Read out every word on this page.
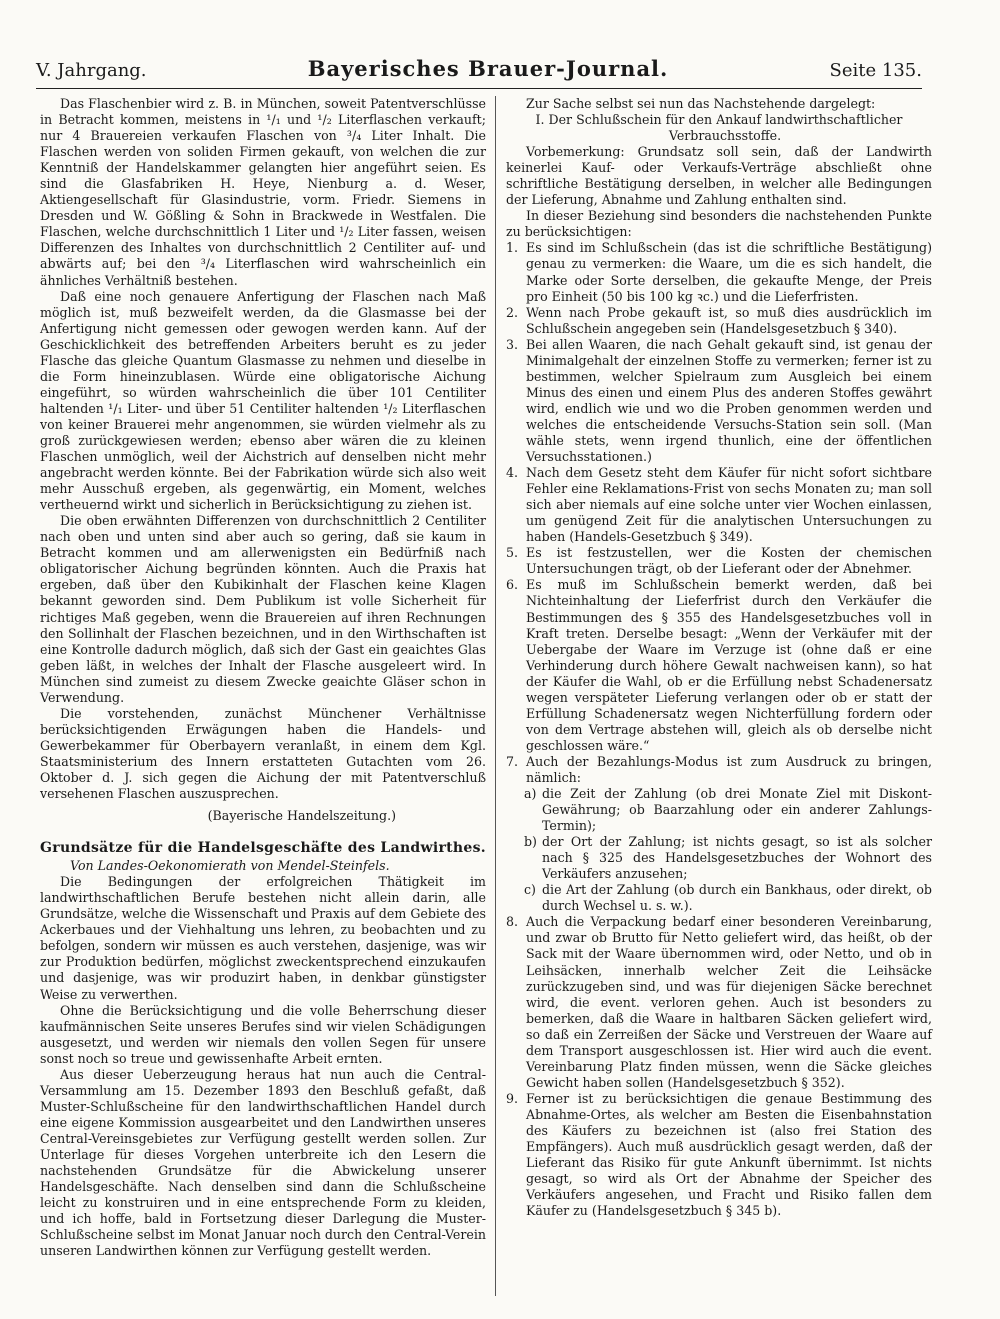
V. Jahrgang.	Bayerisches Brauer-Journal.	Seite 135.

Das Flaschenbier wird z. B. in München, soweit Patentverschlüsse in Betracht kommen, meistens in ¹/₁ und ¹/₂ Literflaschen verkauft; nur 4 Brauereien verkaufen Flaschen von ³/₄ Liter Inhalt. Die Flaschen werden von soliden Firmen gekauft, von welchen die zur Kenntniß der Handelskammer gelangten hier angeführt seien. Es sind die Glasfabriken H. Heye, Nienburg a. d. Weser, Aktiengesellschaft für Glasindustrie, vorm. Friedr. Siemens in Dresden und W. Gößling & Sohn in Brackwede in Westfalen. Die Flaschen, welche durchschnittlich 1 Liter und ¹/₂ Liter fassen, weisen Differenzen des Inhaltes von durchschnittlich 2 Centiliter auf- und abwärts auf; bei den ³/₄ Literflaschen wird wahrscheinlich ein ähnliches Verhältniß bestehen.

Daß eine noch genauere Anfertigung der Flaschen nach Maß möglich ist, muß bezweifelt werden, da die Glasmasse bei der Anfertigung nicht gemessen oder gewogen werden kann. Auf der Geschicklichkeit des betreffenden Arbeiters beruht es zu jeder Flasche das gleiche Quantum Glasmasse zu nehmen und dieselbe in die Form hineinzublasen. Würde eine obligatorische Aichung eingeführt, so würden wahrscheinlich die über 101 Centiliter haltenden ¹/₁ Liter- und über 51 Centiliter haltenden ¹/₂ Literflaschen von keiner Brauerei mehr angenommen, sie würden vielmehr als zu groß zurückgewiesen werden; ebenso aber wären die zu kleinen Flaschen unmöglich, weil der Aichstrich auf denselben nicht mehr angebracht werden könnte. Bei der Fabrikation würde sich also weit mehr Ausschuß ergeben, als gegenwärtig, ein Moment, welches vertheuernd wirkt und sicherlich in Berücksichtigung zu ziehen ist.

Die oben erwähnten Differenzen von durchschnittlich 2 Centiliter nach oben und unten sind aber auch so gering, daß sie kaum in Betracht kommen und am allerwenigsten ein Bedürfniß nach obligatorischer Aichung begründen könnten. Auch die Praxis hat ergeben, daß über den Kubikinhalt der Flaschen keine Klagen bekannt geworden sind. Dem Publikum ist volle Sicherheit für richtiges Maß gegeben, wenn die Brauereien auf ihren Rechnungen den Sollinhalt der Flaschen bezeichnen, und in den Wirthschaften ist eine Kontrolle dadurch möglich, daß sich der Gast ein geaichtes Glas geben läßt, in welches der Inhalt der Flasche ausgeleert wird. In München sind zumeist zu diesem Zwecke geaichte Gläser schon in Verwendung.

Die vorstehenden, zunächst Münchener Verhältnisse berücksichtigenden Erwägungen haben die Handels- und Gewerbekammer für Oberbayern veranlaßt, in einem dem Kgl. Staatsministerium des Innern erstatteten Gutachten vom 26. Oktober d. J. sich gegen die Aichung der mit Patentverschluß versehenen Flaschen auszusprechen.

(Bayerische Handelszeitung.)

Grundsätze für die Handelsgeschäfte des Landwirthes.

Von Landes-Oekonomierath von Mendel-Steinfels.

Die Bedingungen der erfolgreichen Thätigkeit im landwirthschaftlichen Berufe bestehen nicht allein darin, alle Grundsätze, welche die Wissenschaft und Praxis auf dem Gebiete des Ackerbaues und der Viehhaltung uns lehren, zu beobachten und zu befolgen, sondern wir müssen es auch verstehen, dasjenige, was wir zur Produktion bedürfen, möglichst zweckentsprechend einzukaufen und dasjenige, was wir produzirt haben, in denkbar günstigster Weise zu verwerthen.

Ohne die Berücksichtigung und die volle Beherrschung dieser kaufmännischen Seite unseres Berufes sind wir vielen Schädigungen ausgesetzt, und werden wir niemals den vollen Segen für unsere sonst noch so treue und gewissenhafte Arbeit ernten.

Aus dieser Ueberzeugung heraus hat nun auch die Central-Versammlung am 15. Dezember 1893 den Beschluß gefaßt, daß Muster-Schlußscheine für den landwirthschaftlichen Handel durch eine eigene Kommission ausgearbeitet und den Landwirthen unseres Central-Vereinsgebietes zur Verfügung gestellt werden sollen. Zur Unterlage für dieses Vorgehen unterbreite ich den Lesern die nachstehenden Grundsätze für die Abwickelung unserer Handelsgeschäfte. Nach denselben sind dann die Schlußscheine leicht zu konstruiren und in eine entsprechende Form zu kleiden, und ich hoffe, bald in Fortsetzung dieser Darlegung die Muster-Schlußscheine selbst im Monat Januar noch durch den Central-Verein unseren Landwirthen können zur Verfügung gestellt werden.

Zur Sache selbst sei nun das Nachstehende dargelegt:

I. Der Schlußschein für den Ankauf landwirthschaftlicher Verbrauchsstoffe.

Vorbemerkung: Grundsatz soll sein, daß der Landwirth keinerlei Kauf- oder Verkaufs-Verträge abschließt ohne schriftliche Bestätigung derselben, in welcher alle Bedingungen der Lieferung, Abnahme und Zahlung enthalten sind.

In dieser Beziehung sind besonders die nachstehenden Punkte zu berücksichtigen:

1. Es sind im Schlußschein (das ist die schriftliche Bestätigung) genau zu vermerken: die Waare, um die es sich handelt, die Marke oder Sorte derselben, die gekaufte Menge, der Preis pro Einheit (50 bis 100 kg ꝛc.) und die Lieferfristen.
2. Wenn nach Probe gekauft ist, so muß dies ausdrücklich im Schlußschein angegeben sein (Handelsgesetzbuch § 340).
3. Bei allen Waaren, die nach Gehalt gekauft sind, ist genau der Minimalgehalt der einzelnen Stoffe zu vermerken; ferner ist zu bestimmen, welcher Spielraum zum Ausgleich bei einem Minus des einen und einem Plus des anderen Stoffes gewährt wird, endlich wie und wo die Proben genommen werden und welches die entscheidende Versuchs-Station sein soll. (Man wähle stets, wenn irgend thunlich, eine der öffentlichen Versuchsstationen.)
4. Nach dem Gesetz steht dem Käufer für nicht sofort sichtbare Fehler eine Reklamations-Frist von sechs Monaten zu; man soll sich aber niemals auf eine solche unter vier Wochen einlassen, um genügend Zeit für die analytischen Untersuchungen zu haben (Handels-Gesetzbuch § 349).
5. Es ist festzustellen, wer die Kosten der chemischen Untersuchungen trägt, ob der Lieferant oder der Abnehmer.
6. Es muß im Schlußschein bemerkt werden, daß bei Nichteinhaltung der Lieferfrist durch den Verkäufer die Bestimmungen des § 355 des Handelsgesetzbuches voll in Kraft treten. Derselbe besagt: „Wenn der Verkäufer mit der Uebergabe der Waare im Verzuge ist (ohne daß er eine Verhinderung durch höhere Gewalt nachweisen kann), so hat der Käufer die Wahl, ob er die Erfüllung nebst Schadenersatz wegen verspäteter Lieferung verlangen oder ob er statt der Erfüllung Schadenersatz wegen Nichterfüllung fordern oder von dem Vertrage abstehen will, gleich als ob derselbe nicht geschlossen wäre.“
7. Auch der Bezahlungs-Modus ist zum Ausdruck zu bringen, nämlich:
a) die Zeit der Zahlung (ob drei Monate Ziel mit Diskont-Gewährung; ob Baarzahlung oder ein anderer Zahlungs-Termin);
b) der Ort der Zahlung; ist nichts gesagt, so ist als solcher nach § 325 des Handelsgesetzbuches der Wohnort des Verkäufers anzusehen;
c) die Art der Zahlung (ob durch ein Bankhaus, oder direkt, ob durch Wechsel u. s. w.).
8. Auch die Verpackung bedarf einer besonderen Vereinbarung, und zwar ob Brutto für Netto geliefert wird, das heißt, ob der Sack mit der Waare übernommen wird, oder Netto, und ob in Leihsäcken, innerhalb welcher Zeit die Leihsäcke zurückzugeben sind, und was für diejenigen Säcke berechnet wird, die event. verloren gehen. Auch ist besonders zu bemerken, daß die Waare in haltbaren Säcken geliefert wird, so daß ein Zerreißen der Säcke und Verstreuen der Waare auf dem Transport ausgeschlossen ist. Hier wird auch die event. Vereinbarung Platz finden müssen, wenn die Säcke gleiches Gewicht haben sollen (Handelsgesetzbuch § 352).
9. Ferner ist zu berücksichtigen die genaue Bestimmung des Abnahme-Ortes, als welcher am Besten die Eisenbahnstation des Käufers zu bezeichnen ist (also frei Station des Empfängers). Auch muß ausdrücklich gesagt werden, daß der Lieferant das Risiko für gute Ankunft übernimmt. Ist nichts gesagt, so wird als Ort der Abnahme der Speicher des Verkäufers angesehen, und Fracht und Risiko fallen dem Käufer zu (Handelsgesetzbuch § 345 b).
